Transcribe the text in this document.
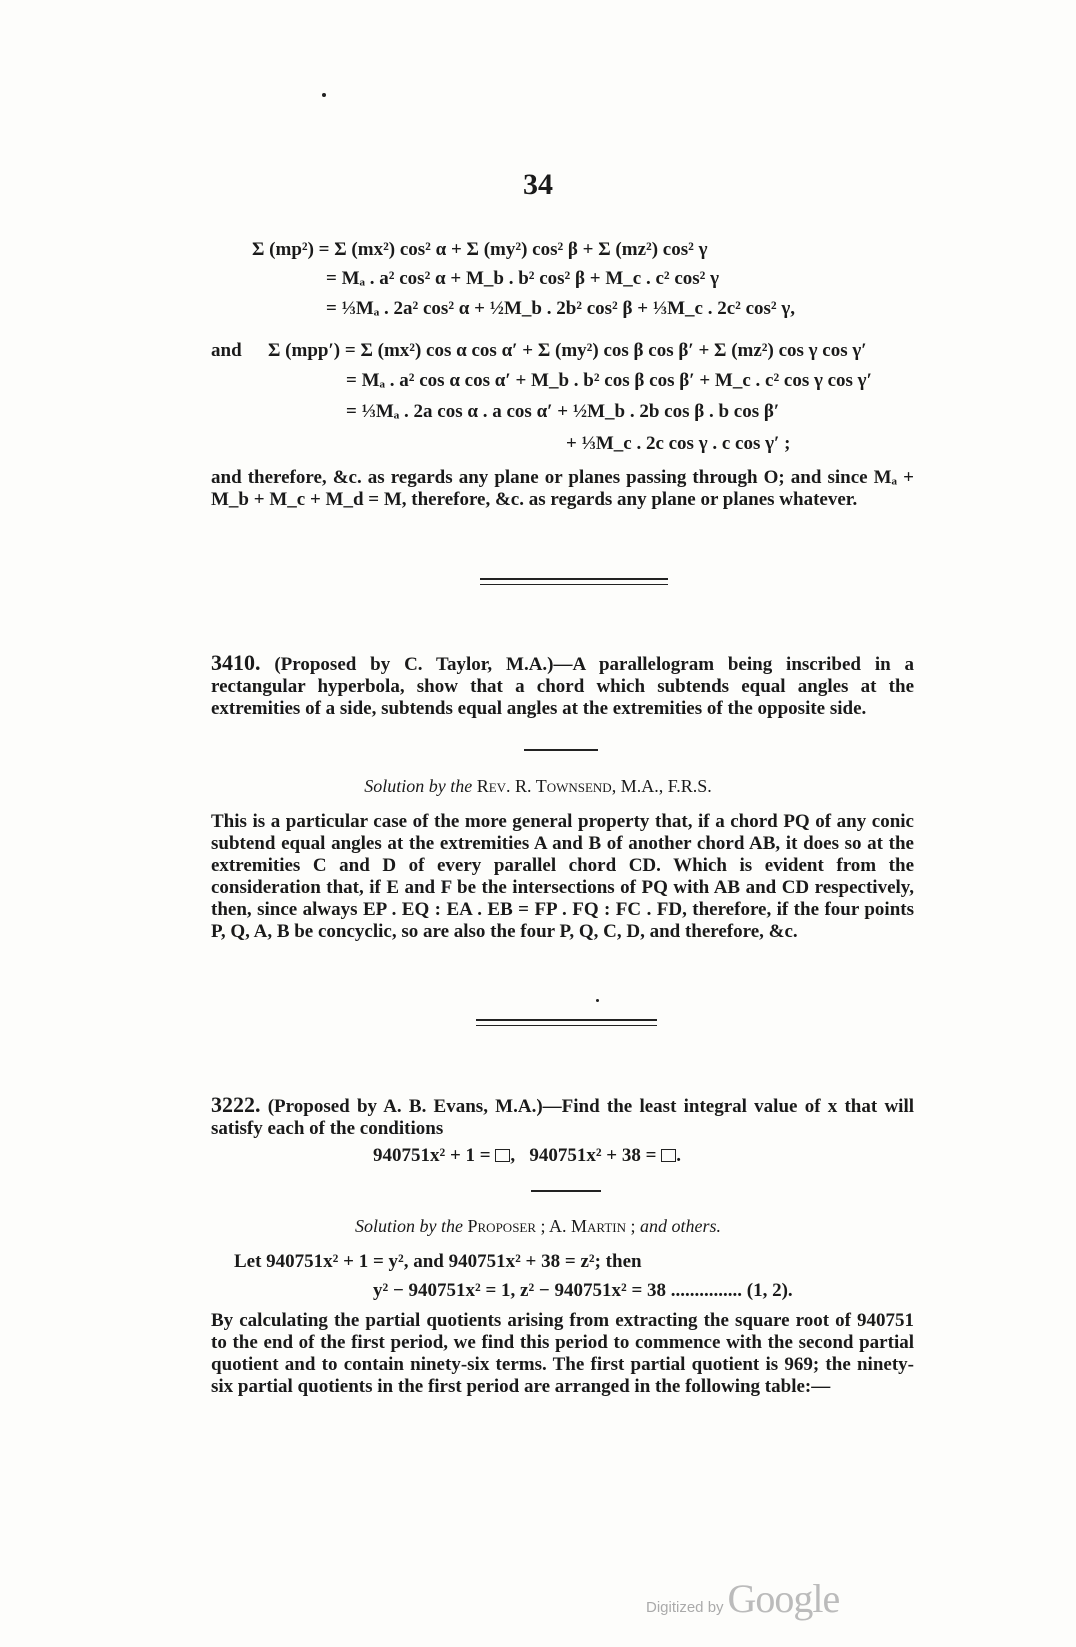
34
Σ (mp²) = Σ (mx²) cos² α + Σ (my²) cos² β + Σ (mz²) cos² γ
= Mₐ . a² cos² α + M_b . b² cos² β + M_c . c² cos² γ
= ⅓Mₐ . 2a² cos² α + ½M_b . 2b² cos² β + ⅓M_c . 2c² cos² γ,
and Σ (mpp′) = Σ (mx²) cos α cos α′ + Σ (my²) cos β cos β′ + Σ (mz²) cos γ cos γ′
= Mₐ . a² cos α cos α′ + M_b . b² cos β cos β′ + M_c . c² cos γ cos γ′
= ⅓Mₐ . 2a cos α . a cos α′ + ½M_b . 2b cos β . b cos β′
+ ⅓M_c . 2c cos γ . c cos γ′ ;
and therefore, &c. as regards any plane or planes passing through O; and since Mₐ + M_b + M_c + M_d = M, therefore, &c. as regards any plane or planes whatever.
3410. (Proposed by C. Taylor, M.A.)—A parallelogram being inscribed in a rectangular hyperbola, show that a chord which subtends equal angles at the extremities of a side, subtends equal angles at the extremities of the opposite side.
Solution by the Rev. R. Townsend, M.A., F.R.S.
This is a particular case of the more general property that, if a chord PQ of any conic subtend equal angles at the extremities A and B of another chord AB, it does so at the extremities C and D of every parallel chord CD. Which is evident from the consideration that, if E and F be the intersections of PQ with AB and CD respectively, then, since always EP . EQ : EA . EB = FP . FQ : FC . FD, therefore, if the four points P, Q, A, B be concyclic, so are also the four P, Q, C, D, and therefore, &c.
3222. (Proposed by A. B. Evans, M.A.)—Find the least integral value of x that will satisfy each of the conditions
940751x² + 1 = ,   940751x² + 38 = .
Solution by the Proposer ; A. Martin ; and others.
Let 940751x² + 1 = y², and 940751x² + 38 = z²; then
y² − 940751x² = 1, z² − 940751x² = 38 ............... (1, 2).
By calculating the partial quotients arising from extracting the square root of 940751 to the end of the first period, we find this period to commence with the second partial quotient and to contain ninety-six terms. The first partial quotient is 969; the ninety-six partial quotients in the first period are arranged in the following table:—
Digitized by Google
